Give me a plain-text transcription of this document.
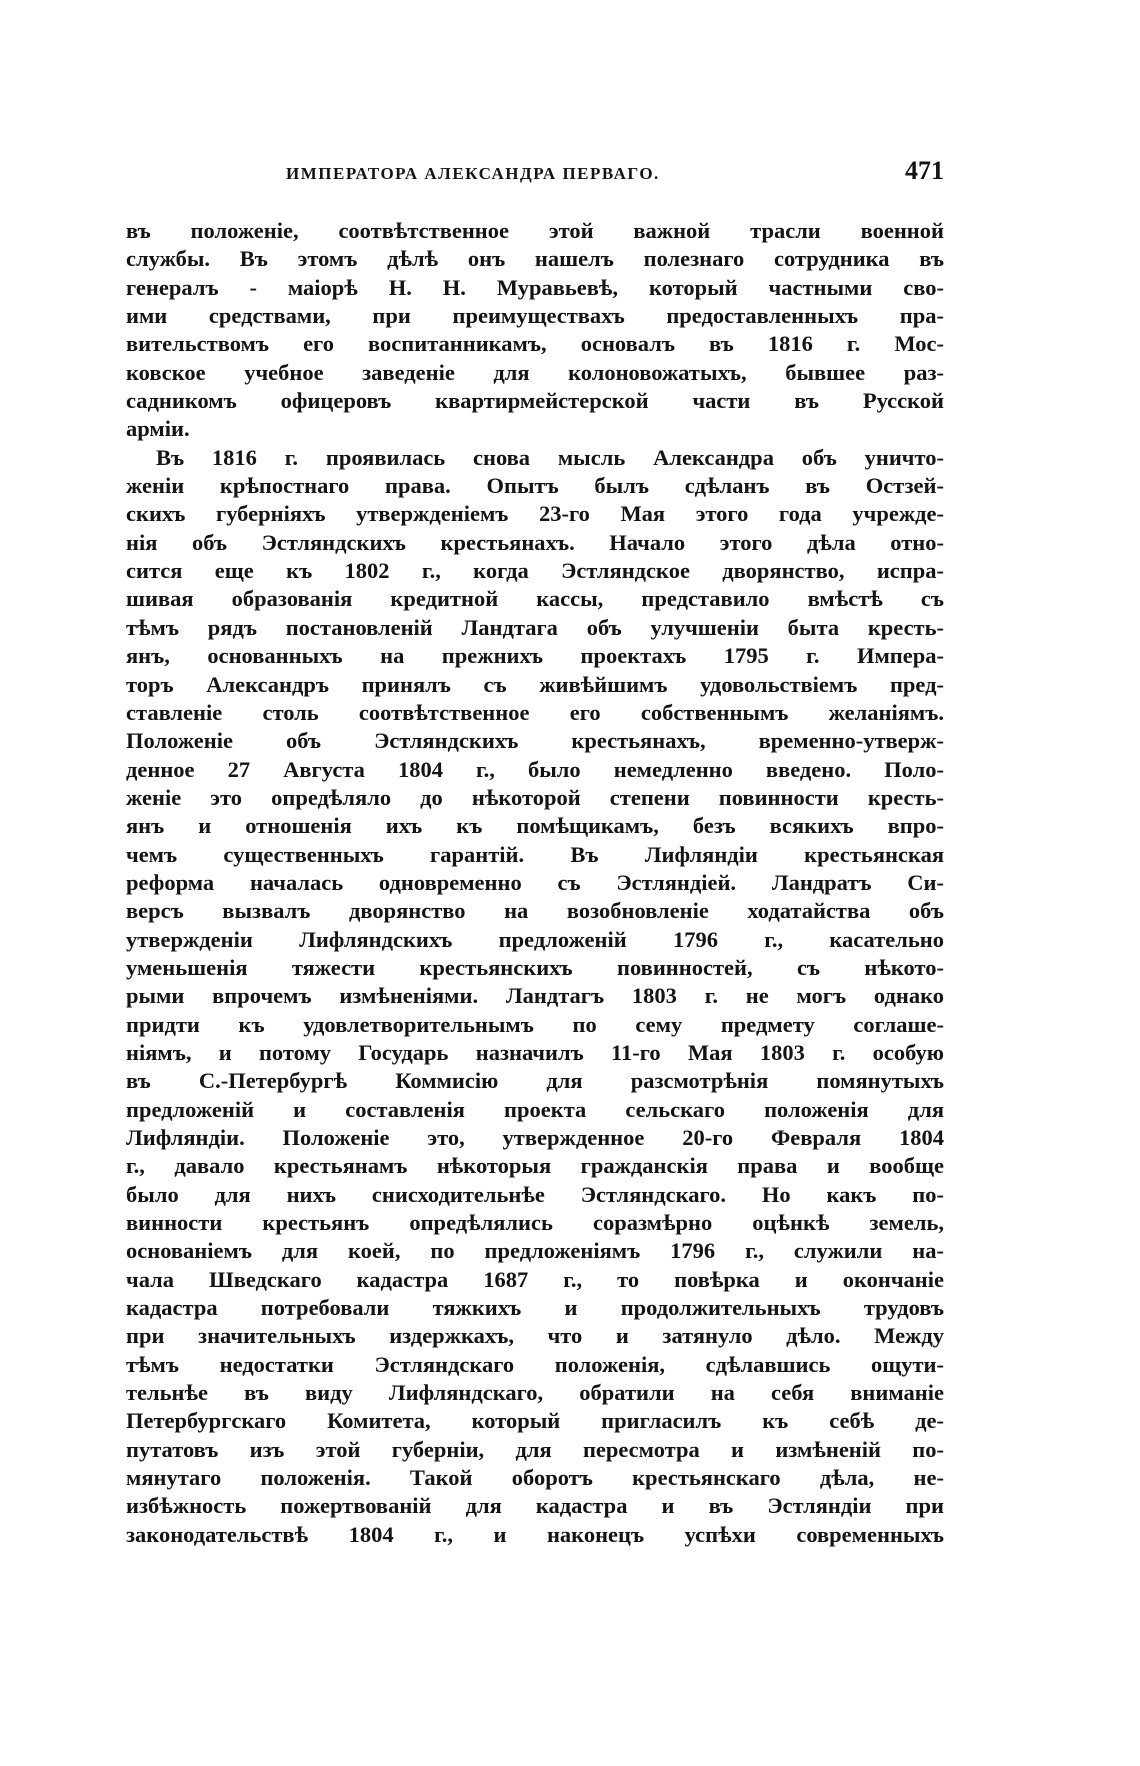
ИМПЕРАТОРА АЛЕКСАНДРА ПЕРВАГО.	471
въ положеніе, соотвѣтственное этой важной трасли военной
службы. Въ этомъ дѣлѣ онъ нашелъ полезнаго сотрудника въ
генералъ - маіорѣ Н. Н. Муравьевѣ, который частными сво-
ими средствами, при преимуществахъ предоставленныхъ пра-
вительствомъ его воспитанникамъ, основалъ въ 1816 г. Мос-
ковское учебное заведеніе для колоновожатыхъ, бывшее раз-
садникомъ офицеровъ квартирмейстерской части въ Русской
арміи.
Въ 1816 г. проявилась снова мысль Александра объ уничто-
женіи крѣпостнаго права. Опытъ былъ сдѣланъ въ Остзей-
скихъ губерніяхъ утвержденіемъ 23-го Мая этого года учрежде-
нія объ Эстляндскихъ крестьянахъ. Начало этого дѣла отно-
сится еще къ 1802 г., когда Эстляндское дворянство, испра-
шивая образованія кредитной кассы, представило вмѣстѣ съ
тѣмъ рядъ постановленій Ландтага объ улучшеніи быта кресть-
янъ, основанныхъ на прежнихъ проектахъ 1795 г. Импера-
торъ Александръ принялъ съ живѣйшимъ удовольствіемъ пред-
ставленіе столь соотвѣтственное его собственнымъ желаніямъ.
Положеніе объ Эстляндскихъ крестьянахъ, временно-утверж-
денное 27 Августа 1804 г., было немедленно введено. Поло-
женіе это опредѣляло до нѣкоторой степени повинности кресть-
янъ и отношенія ихъ къ помѣщикамъ, безъ всякихъ впро-
чемъ существенныхъ гарантій. Въ Лифляндіи крестьянская
реформа началась одновременно съ Эстляндіей. Ландратъ Си-
версъ вызвалъ дворянство на возобновленіе ходатайства объ
утвержденіи Лифляндскихъ предложеній 1796 г., касательно
уменьшенія тяжести крестьянскихъ повинностей, съ нѣкото-
рыми впрочемъ измѣненіями. Ландтагъ 1803 г. не могъ однако
придти къ удовлетворительнымъ по сему предмету соглаше-
ніямъ, и потому Государь назначилъ 11-го Мая 1803 г. особую
въ С.-Петербургѣ Коммисію для разсмотрѣнія помянутыхъ
предложеній и составленія проекта сельскаго положенія для
Лифляндіи. Положеніе это, утвержденное 20-го Февраля 1804
г., давало крестьянамъ нѣкоторыя гражданскія права и вообще
было для нихъ снисходительнѣе Эстляндскаго. Но какъ по-
винности крестьянъ опредѣлялись соразмѣрно оцѣнкѣ земель,
основаніемъ для коей, по предложеніямъ 1796 г., служили на-
чала Шведскаго кадастра 1687 г., то повѣрка и окончаніе
кадастра потребовали тяжкихъ и продолжительныхъ трудовъ
при значительныхъ издержкахъ, что и затянуло дѣло. Между
тѣмъ недостатки Эстляндскаго положенія, сдѣлавшись ощути-
тельнѣе въ виду Лифляндскаго, обратили на себя вниманіе
Петербургскаго Комитета, который пригласилъ къ себѣ де-
путатовъ изъ этой губерніи, для пересмотра и измѣненій по-
мянутаго положенія. Такой оборотъ крестьянскаго дѣла, не-
избѣжность пожертвованій для кадастра и въ Эстляндіи при
законодательствѣ 1804 г., и наконецъ успѣхи современныхъ
